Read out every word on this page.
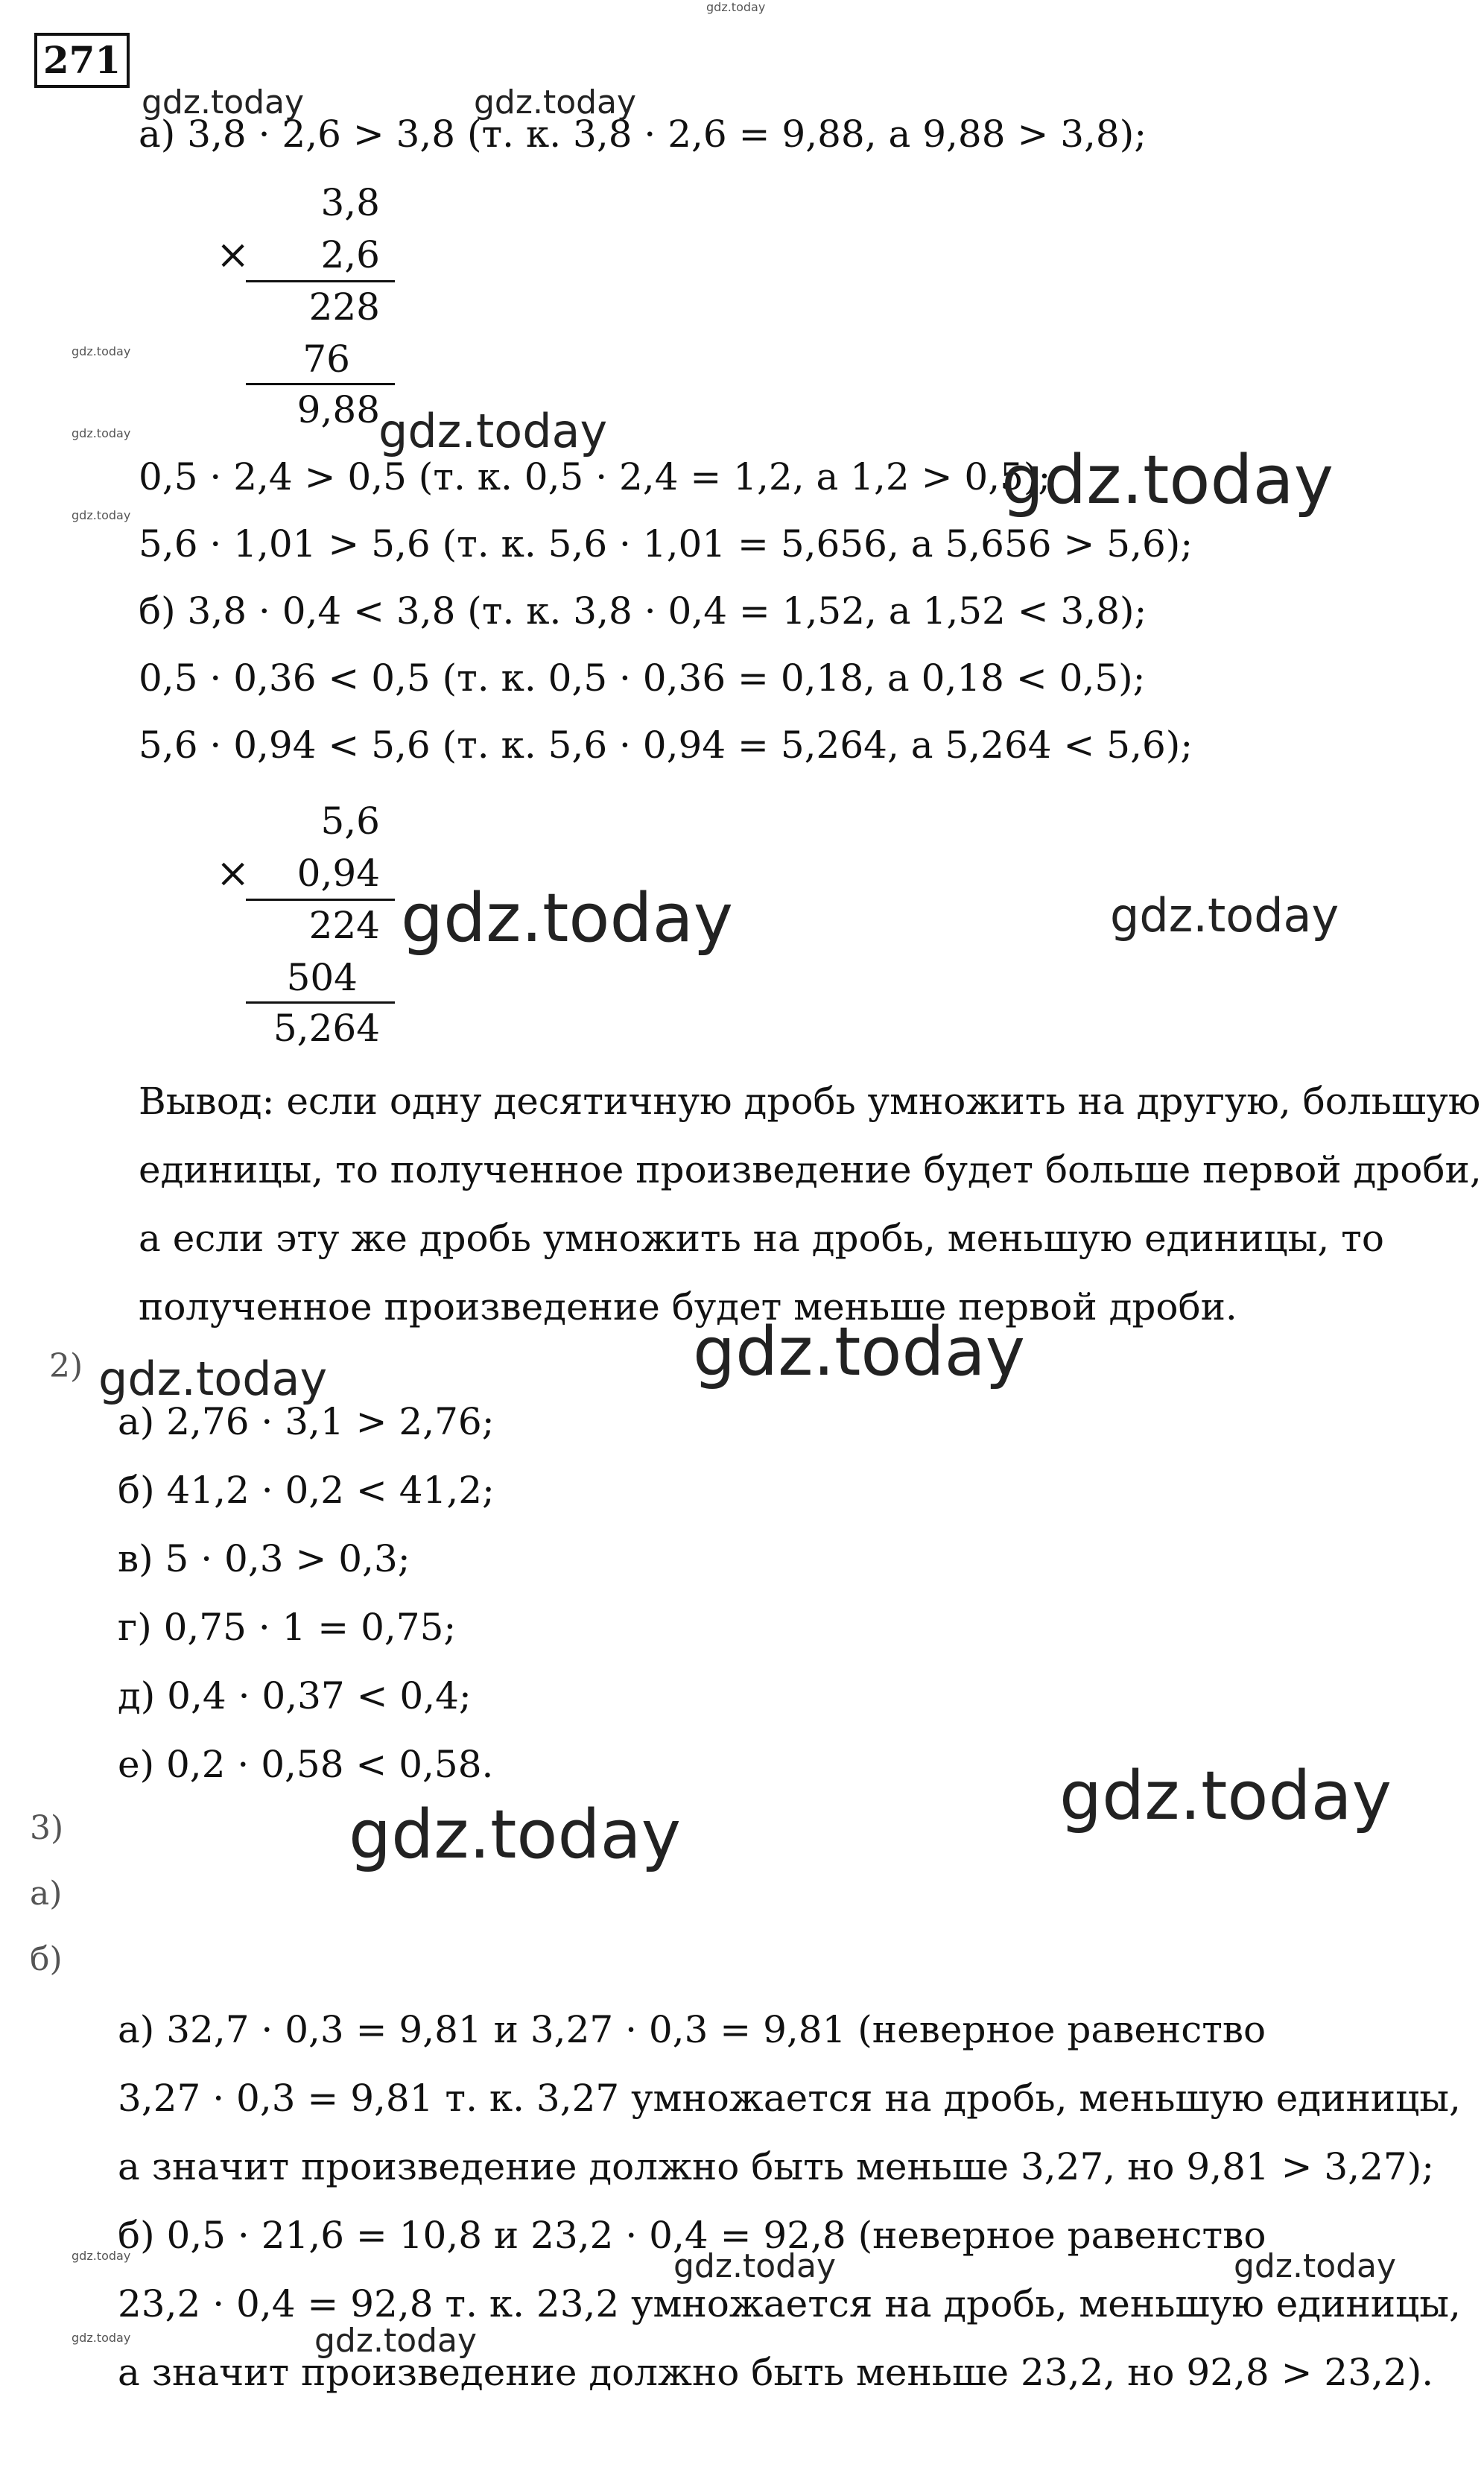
271

а) 3,8 · 2,6 > 3,8 (т. к. 3,8 · 2,6 = 9,88, а 9,88 > 3,8);

3,8

×	2,6

228

76

9,88

0,5 · 2,4 > 0,5 (т. к. 0,5 · 2,4 = 1,2, а 1,2 > 0,5);

5,6 · 1,01 > 5,6 (т. к. 5,6 · 1,01 = 5,656, а 5,656 > 5,6);

б) 3,8 · 0,4 < 3,8 (т. к. 3,8 · 0,4 = 1,52, а 1,52 < 3,8);

0,5 · 0,36 < 0,5 (т. к. 0,5 · 0,36 = 0,18, а 0,18 < 0,5);

5,6 · 0,94 < 5,6 (т. к. 5,6 · 0,94 = 5,264, а 5,264 < 5,6);

5,6

×	0,94

224

504

5,264

Вывод: если одну десятичную дробь умножить на другую, большую

единицы, то полученное произведение будет больше первой дроби,

а если эту же дробь умножить на дробь, меньшую единицы, то

полученное произведение будет меньше первой дроби.

2)

а) 2,76 · 3,1 > 2,76;

б) 41,2 · 0,2 < 41,2;

в) 5 · 0,3 > 0,3;

г) 0,75 · 1 = 0,75;

д) 0,4 · 0,37 < 0,4;

е) 0,2 · 0,58 < 0,58.

3)

а)

б)

а) 32,7 · 0,3 = 9,81 и 3,27 · 0,3 = 9,81 (неверное равенство

3,27 · 0,3 = 9,81 т. к. 3,27 умножается на дробь, меньшую единицы,

а значит произведение должно быть меньше 3,27, но 9,81 > 3,27);

б) 0,5 · 21,6 = 10,8 и 23,2 · 0,4 = 92,8 (неверное равенство

23,2 · 0,4 = 92,8 т. к. 23,2 умножается на дробь, меньшую единицы,

а значит произведение должно быть меньше 23,2, но 92,8 > 23,2).

gdz.today

gdz.today	gdz.today

gdz.today

gdz.today

gdz.today

gdz.today

gdz.today

gdz.today	gdz.today

gdz.today

gdz.today

gdz.today

gdz.today

gdz.today	gdz.today	gdz.today

gdz.today	gdz.today
